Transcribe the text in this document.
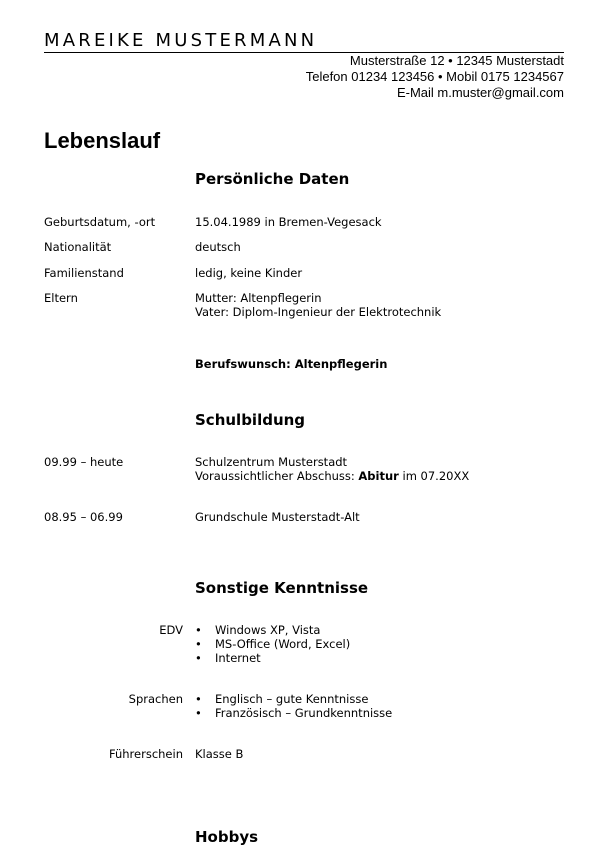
MAREIKE MUSTERMANN
Musterstraße 12 • 12345 Musterstadt
Telefon 01234 123456 • Mobil 0175 1234567
E-Mail m.muster@gmail.com
Lebenslauf
Persönliche Daten
Geburtsdatum, -ort	15.04.1989 in Bremen-Vegesack
Nationalität	deutsch
Familienstand	ledig, keine Kinder
Eltern	Mutter: Altenpflegerin
Vater: Diplom-Ingenieur der Elektrotechnik
Berufswunsch: Altenpflegerin
Schulbildung
09.99 – heute	Schulzentrum Musterstadt
Voraussichtlicher Abschuss: Abitur im 07.20XX
08.95 – 06.99	Grundschule Musterstadt-Alt
Sonstige Kenntnisse
EDV	• Windows XP, Vista
• MS-Office (Word, Excel)
• Internet
Sprachen	• Englisch – gute Kenntnisse
• Französisch – Grundkenntnisse
Führerschein Klasse B
Hobbys
